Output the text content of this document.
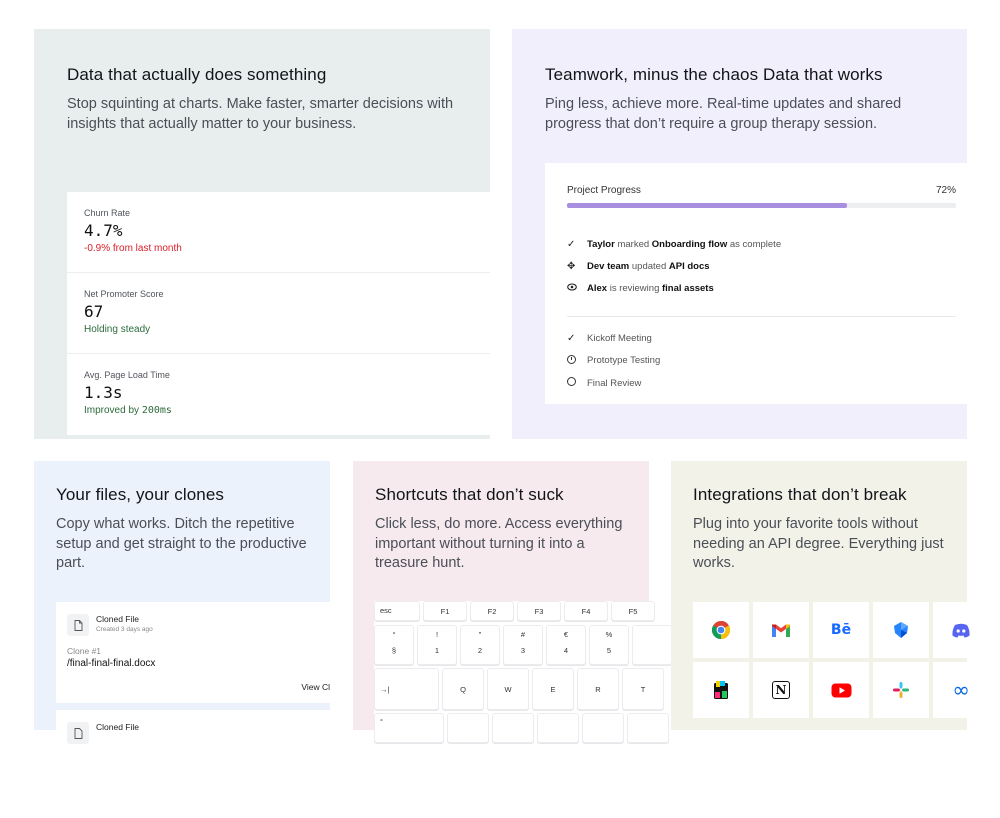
Data that actually does something

Stop squinting at charts. Make faster, smarter decisions with insights that actually matter to your business.

Churn Rate
4.7%
-0.9% from last month
Net Promoter Score
67
Holding steady
Avg. Page Load Time
1.3s
Improved by 200ms
Teamwork, minus the chaos Data that works

Ping less, achieve more. Real-time updates and shared progress that don’t require a group therapy session.

Project Progress	72%
✓	Taylor marked Onboarding flow as complete
✥	Dev team updated API docs
Alex is reviewing final assets
✓	Kickoff Meeting
Prototype Testing
Final Review
Your files, your clones

Copy what works. Ditch the repetitive setup and get straight to the productive part.

Cloned File
Created 3 days ago
Clone #1
/final-final-final.docx
View Cl
Cloned File
Shortcuts that don’t suck

Click less, do more. Access everything important without turning it into a treasure hunt.

esc	F1	F2	F3	F4	F5
°
§
!
1
"
2
#
3
€
4
%
5
→|	Q	W	E	R	T
°
Integrations that don’t break

Plug into your favorite tools without needing an API degree. Everything just works.

Bē
N	∞
